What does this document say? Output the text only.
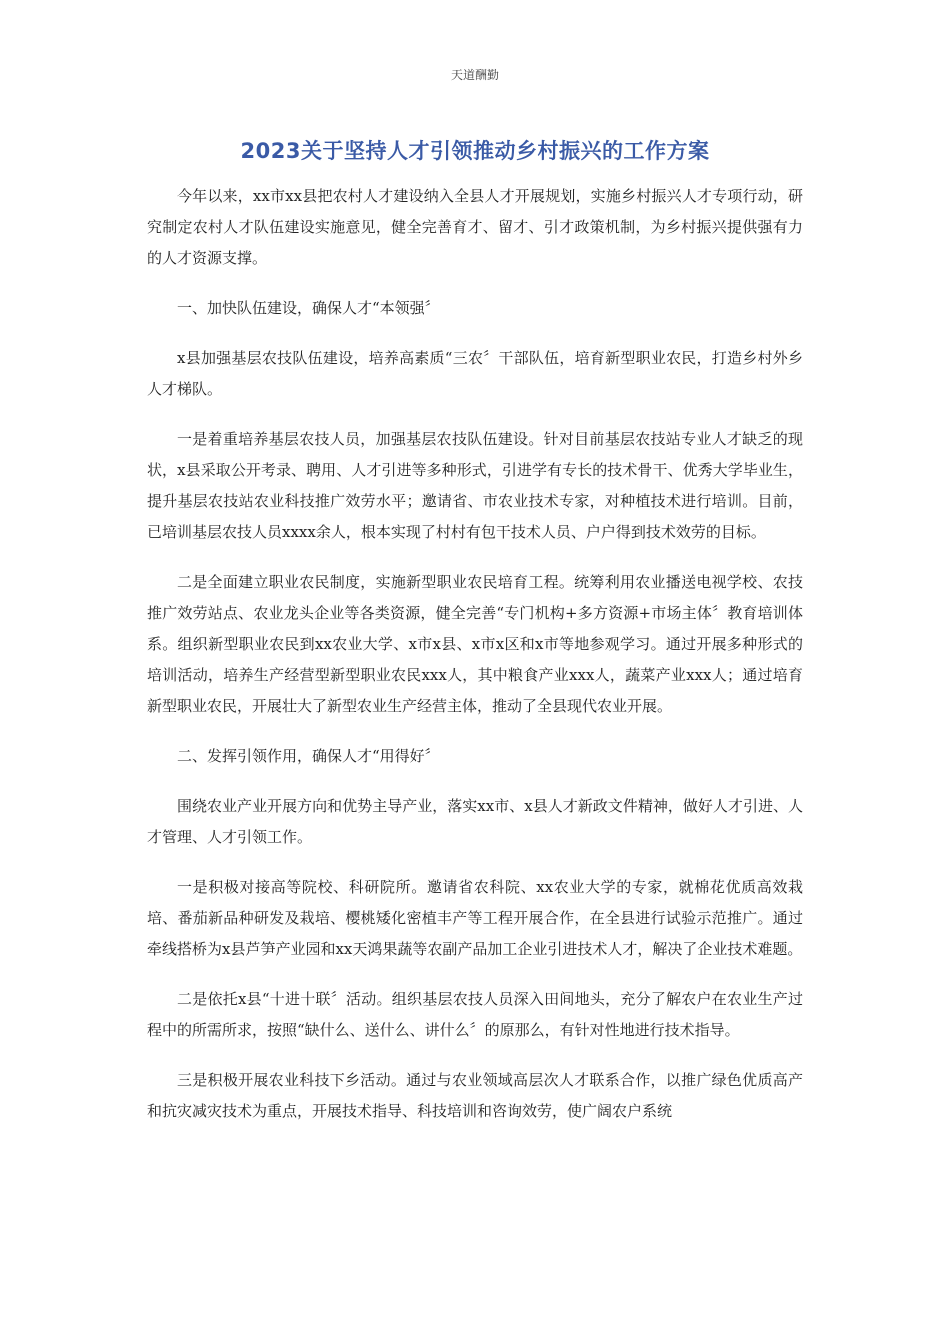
天道酬勤
2023关于坚持人才引领推动乡村振兴的工作方案

今年以来，xx市xx县把农村人才建设纳入全县人才开展规划，实施乡村振兴人才专项行动，研究制定农村人才队伍建设实施意见，健全完善育才、留才、引才政策机制，为乡村振兴提供强有力的人才资源支撑。

一、加快队伍建设，确保人才“本领强〞

x县加强基层农技队伍建设，培养高素质“三农〞干部队伍，培育新型职业农民，打造乡村外乡人才梯队。

一是着重培养基层农技人员，加强基层农技队伍建设。针对目前基层农技站专业人才缺乏的现状，x县采取公开考录、聘用、人才引进等多种形式，引进学有专长的技术骨干、优秀大学毕业生，提升基层农技站农业科技推广效劳水平；邀请省、市农业技术专家，对种植技术进行培训。目前，已培训基层农技人员xxxx余人，根本实现了村村有包干技术人员、户户得到技术效劳的目标。

二是全面建立职业农民制度，实施新型职业农民培育工程。统筹利用农业播送电视学校、农技推广效劳站点、农业龙头企业等各类资源，健全完善“专门机构+多方资源+市场主体〞教育培训体系。组织新型职业农民到xx农业大学、x市x县、x市x区和x市等地参观学习。通过开展多种形式的培训活动，培养生产经营型新型职业农民xxx人，其中粮食产业xxx人，蔬菜产业xxx人；通过培育新型职业农民，开展壮大了新型农业生产经营主体，推动了全县现代农业开展。

二、发挥引领作用，确保人才“用得好〞

围绕农业产业开展方向和优势主导产业，落实xx市、x县人才新政文件精神，做好人才引进、人才管理、人才引领工作。

一是积极对接高等院校、科研院所。邀请省农科院、xx农业大学的专家，就棉花优质高效栽培、番茄新品种研发及栽培、樱桃矮化密植丰产等工程开展合作，在全县进行试验示范推广。通过牵线搭桥为x县芦笋产业园和xx天鸿果蔬等农副产品加工企业引进技术人才，解决了企业技术难题。

二是依托x县“十进十联〞活动。组织基层农技人员深入田间地头，充分了解农户在农业生产过程中的所需所求，按照“缺什么、送什么、讲什么〞的原那么，有针对性地进行技术指导。

三是积极开展农业科技下乡活动。通过与农业领域高层次人才联系合作，以推广绿色优质高产和抗灾减灾技术为重点，开展技术指导、科技培训和咨询效劳，使广阔农户系统
